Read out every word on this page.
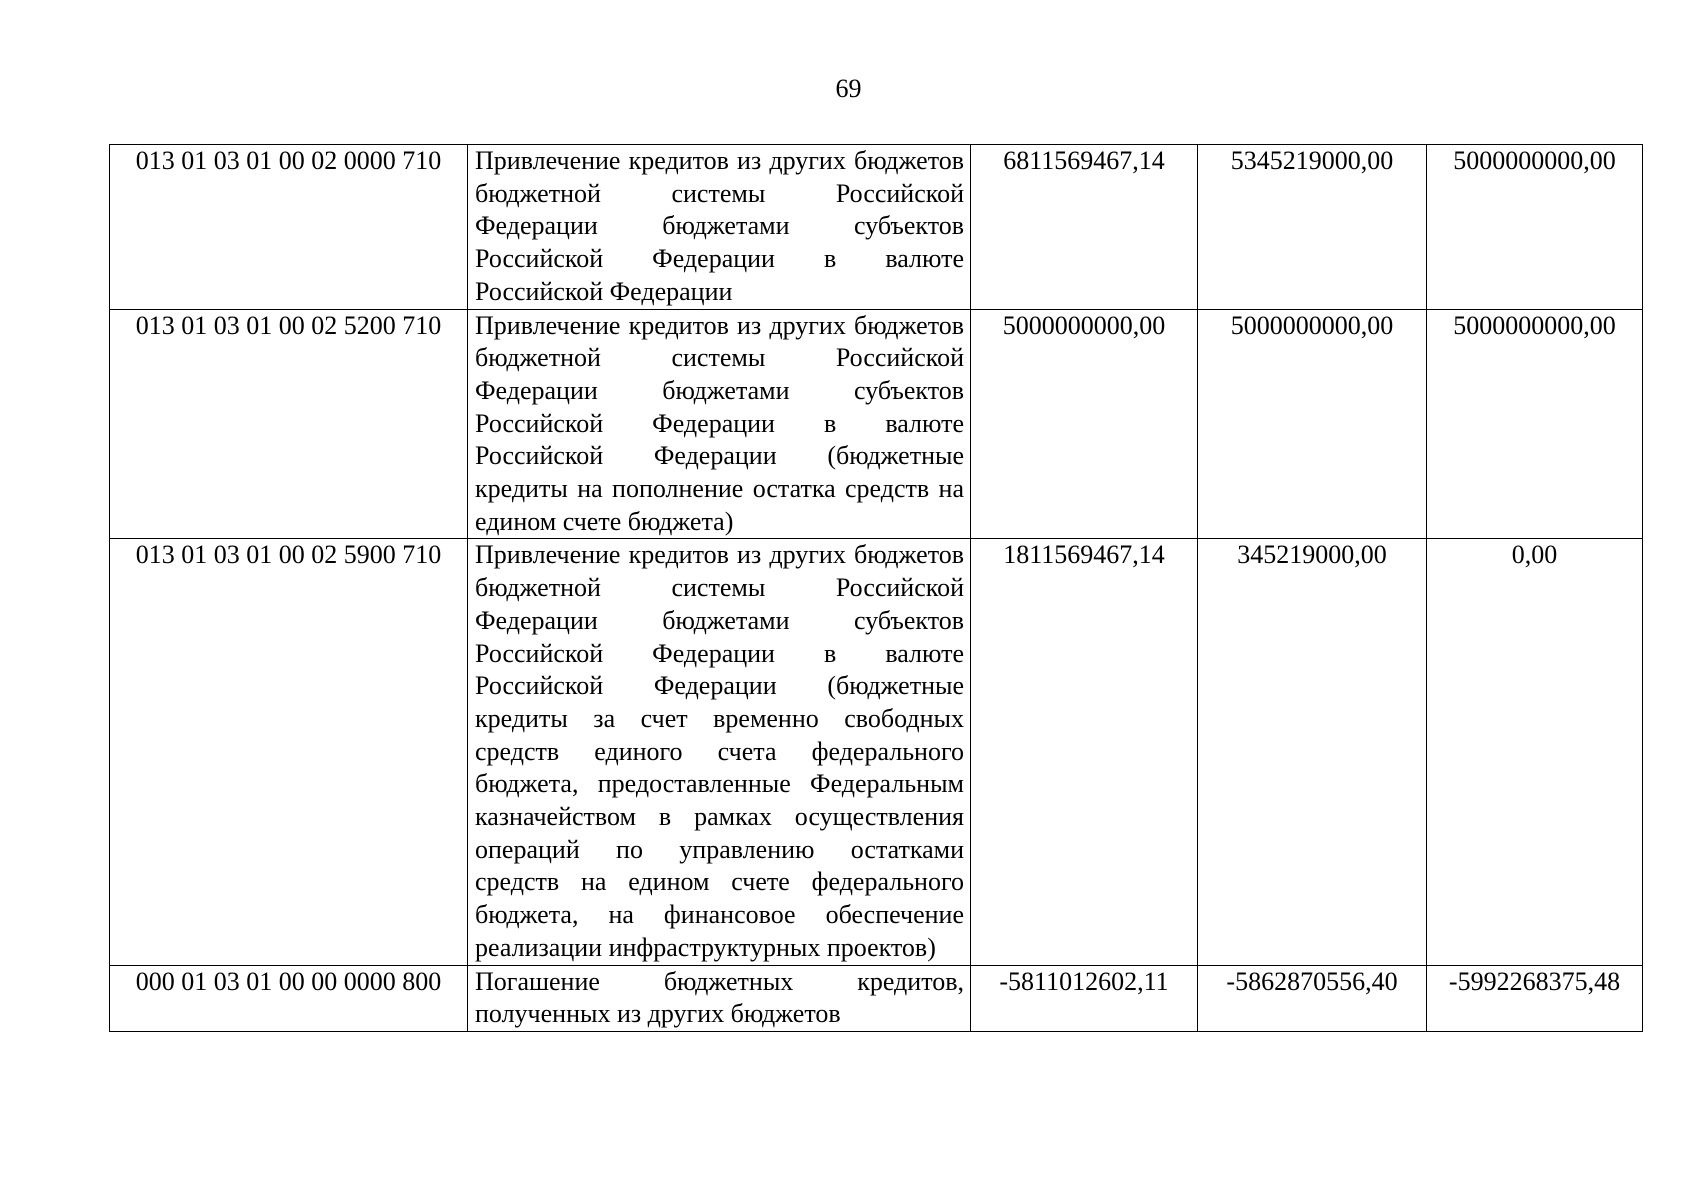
69
013 01 03 01 00 02 0000 710	Привлечение кредитов из других бюджетов бюджетной системы Российской Федерации бюджетами субъектов Российской Федерации в валюте Российской Федерации	6811569467,14	5345219000,00	5000000000,00
013 01 03 01 00 02 5200 710	Привлечение кредитов из других бюджетов бюджетной системы Российской Федерации бюджетами субъектов Российской Федерации в валюте Российской Федерации (бюджетные кредиты на пополнение остатка средств на едином счете бюджета)	5000000000,00	5000000000,00	5000000000,00
013 01 03 01 00 02 5900 710	Привлечение кредитов из других бюджетов бюджетной системы Российской Федерации бюджетами субъектов Российской Федерации в валюте Российской Федерации (бюджетные кредиты за счет временно свободных средств единого счета федерального бюджета, предоставленные Федеральным казначейством в рамках осуществления операций по управлению остатками средств на едином счете федерального бюджета, на финансовое обеспечение реализации инфраструктурных проектов)	1811569467,14	345219000,00	0,00
000 01 03 01 00 00 0000 800	Погашение бюджетных кредитов, полученных из других бюджетов	-5811012602,11	-5862870556,40	-5992268375,48
